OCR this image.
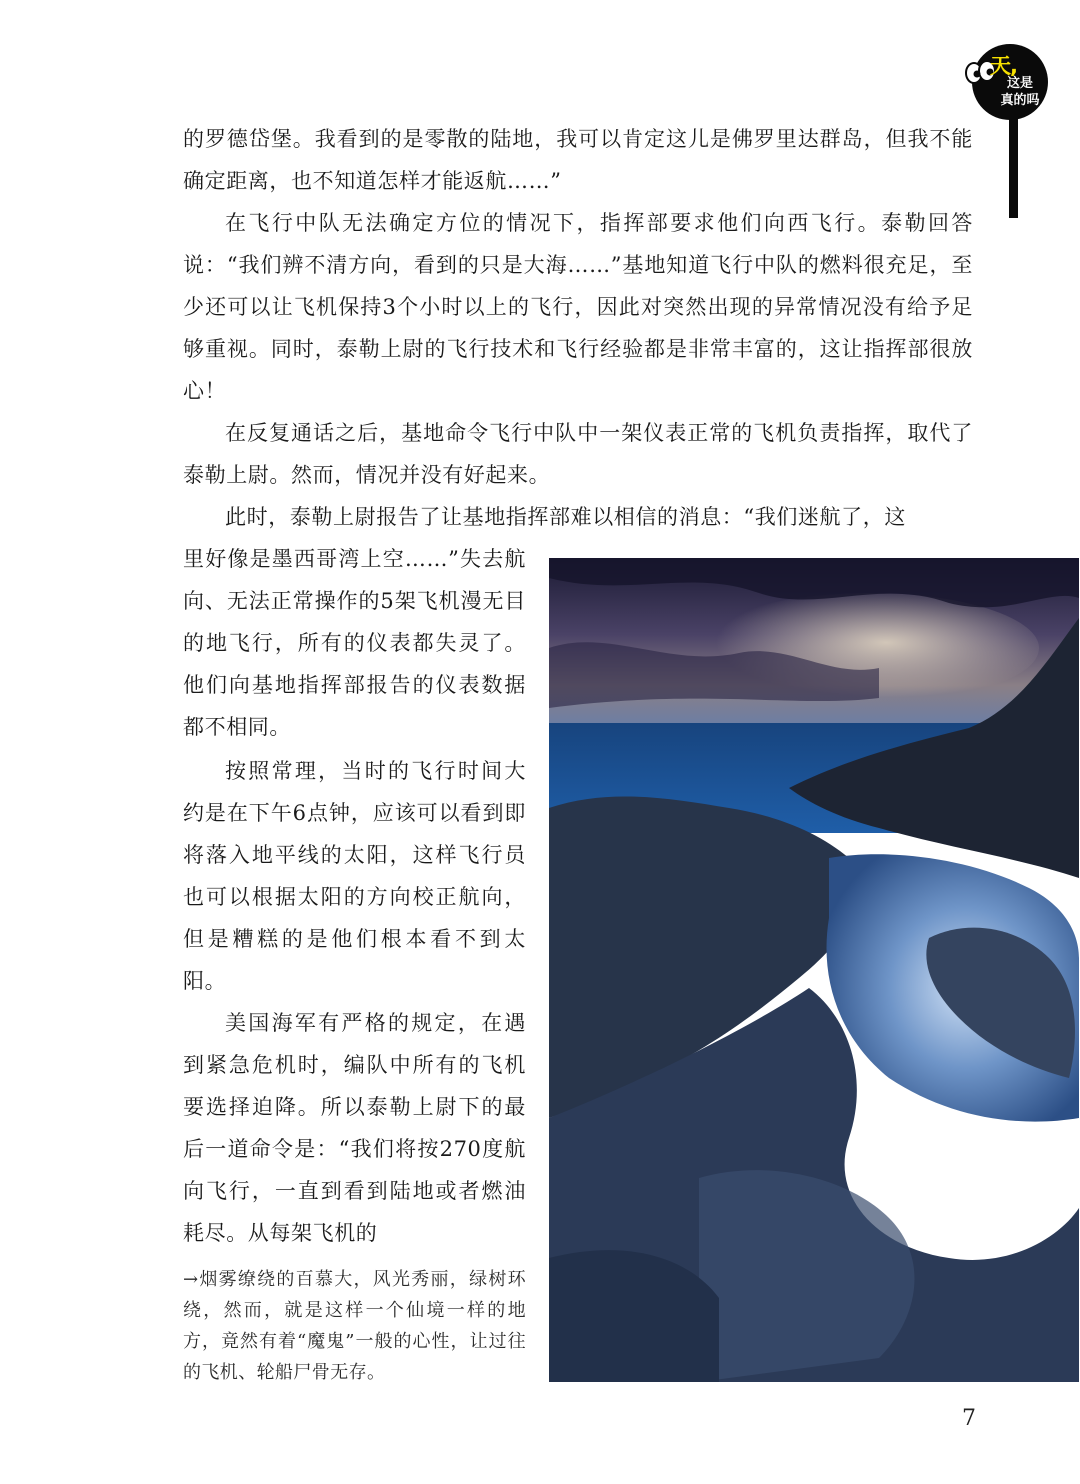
天,
这是
真的吗

的罗德岱堡。我看到的是零散的陆地，我可以肯定这儿是佛罗里达群岛，但我不能确定距离，也不知道怎样才能返航……”

在飞行中队无法确定方位的情况下，指挥部要求他们向西飞行。泰勒回答说：“我们辨不清方向，看到的只是大海……”基地知道飞行中队的燃料很充足，至少还可以让飞机保持3个小时以上的飞行，因此对突然出现的异常情况没有给予足够重视。同时，泰勒上尉的飞行技术和飞行经验都是非常丰富的，这让指挥部很放心！

在反复通话之后，基地命令飞行中队中一架仪表正常的飞机负责指挥，取代了泰勒上尉。然而，情况并没有好起来。

此时，泰勒上尉报告了让基地指挥部难以相信的消息：“我们迷航了，这

里好像是墨西哥湾上空……”失去航向、无法正常操作的5架飞机漫无目的地飞行，所有的仪表都失灵了。他们向基地指挥部报告的仪表数据都不相同。

按照常理，当时的飞行时间大约是在下午6点钟，应该可以看到即将落入地平线的太阳，这样飞行员也可以根据太阳的方向校正航向，但是糟糕的是他们根本看不到太阳。

美国海军有严格的规定，在遇到紧急危机时，编队中所有的飞机要选择迫降。所以泰勒上尉下的最后一道命令是：“我们将按270度航向飞行，一直到看到陆地或者燃油耗尽。从每架飞机的

→烟雾缭绕的百慕大，风光秀丽，绿树环绕，然而，就是这样一个仙境一样的地方，竟然有着“魔鬼”一般的心性，让过往的飞机、轮船尸骨无存。

7
